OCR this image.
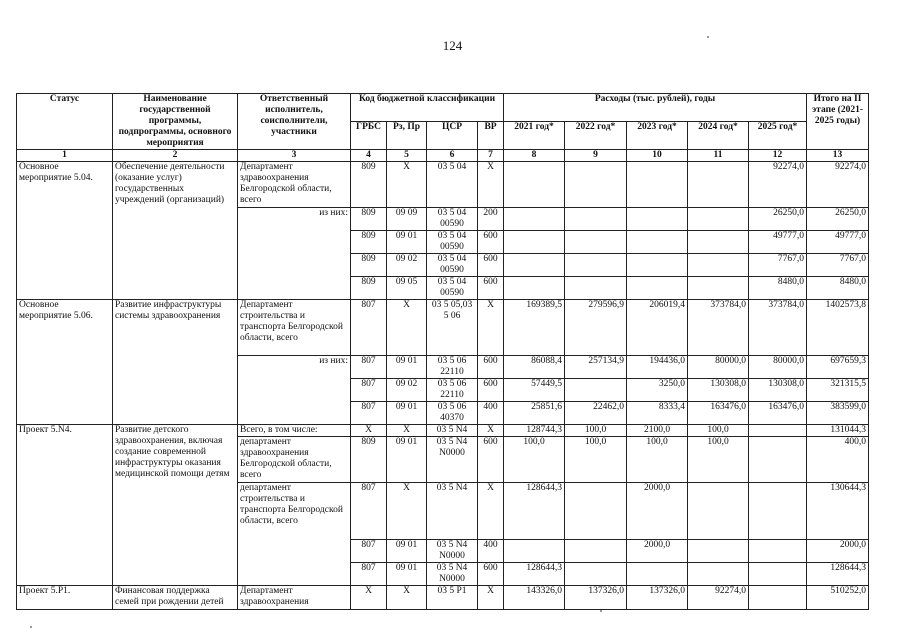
124
Статус	Наименование государственной программы, подпрограммы, основного мероприятия	Ответственный исполнитель, соисполнители, участники	Код бюджетной классификации				Расходы (тыс. рублей), годы					Итого на II этапе (2021-2025 годы)
			ГРБС	Рз, Пр	ЦСР	ВР	2021 год*	2022 год*	2023 год*	2024 год*	2025 год*	
1	2	3	4	5	6	7	8	9	10	11	12	13
Основное мероприятие 5.04.	Обеспечение деятельности (оказание услуг) государственных учреждений (организаций)	Департамент здравоохранения Белгородской области, всего	809	Х	03 5 04	Х					92274,0	92274,0
		из них:	809	09 09	03 5 04 00590	200					26250,0	26250,0
			809	09 01	03 5 04 00590	600					49777,0	49777,0
			809	09 02	03 5 04 00590	600					7767,0	7767,0
			809	09 05	03 5 04 00590	600					8480,0	8480,0
Основное мероприятие 5.06.	Развитие инфраструктуры системы здравоохранения	Департамент строительства и транспорта Белгородской области, всего	807	Х	03 5 05,03 5 06	Х	169389,5	279596,9	206019,4	373784,0	373784,0	1402573,8
		из них:	807	09 01	03 5 06 22110	600	86088,4	257134,9	194436,0	80000,0	80000,0	697659,3
			807	09 02	03 5 06 22110	600	57449,5		3250,0	130308,0	130308,0	321315,5
			807	09 01	03 5 06 40370	400	25851,6	22462,0	8333,4	163476,0	163476,0	383599,0
Проект 5.N4.	Развитие детского здравоохранения, включая создание современной инфраструктуры оказания медицинской помощи детям	Всего, в том числе:	Х	Х	03 5 N4	Х	128744,3	100,0	2100,0	100,0		131044,3
		департамент здравоохранения Белгородской области, всего	809	09 01	03 5 N4 N0000	600	100,0	100,0	100,0	100,0		400,0
		департамент строительства и транспорта Белгородской области, всего	807	Х	03 5 N4	Х	128644,3		2000,0			130644,3
			807	09 01	03 5 N4 N0000	400			2000,0			2000,0
			807	09 01	03 5 N4 N0000	600	128644,3					128644,3
Проект 5.Р1.	Финансовая поддержка семей при рождении детей	Департамент здравоохранения	Х	Х	03 5 Р1	Х	143326,0	137326,0	137326,0	92274,0		510252,0
